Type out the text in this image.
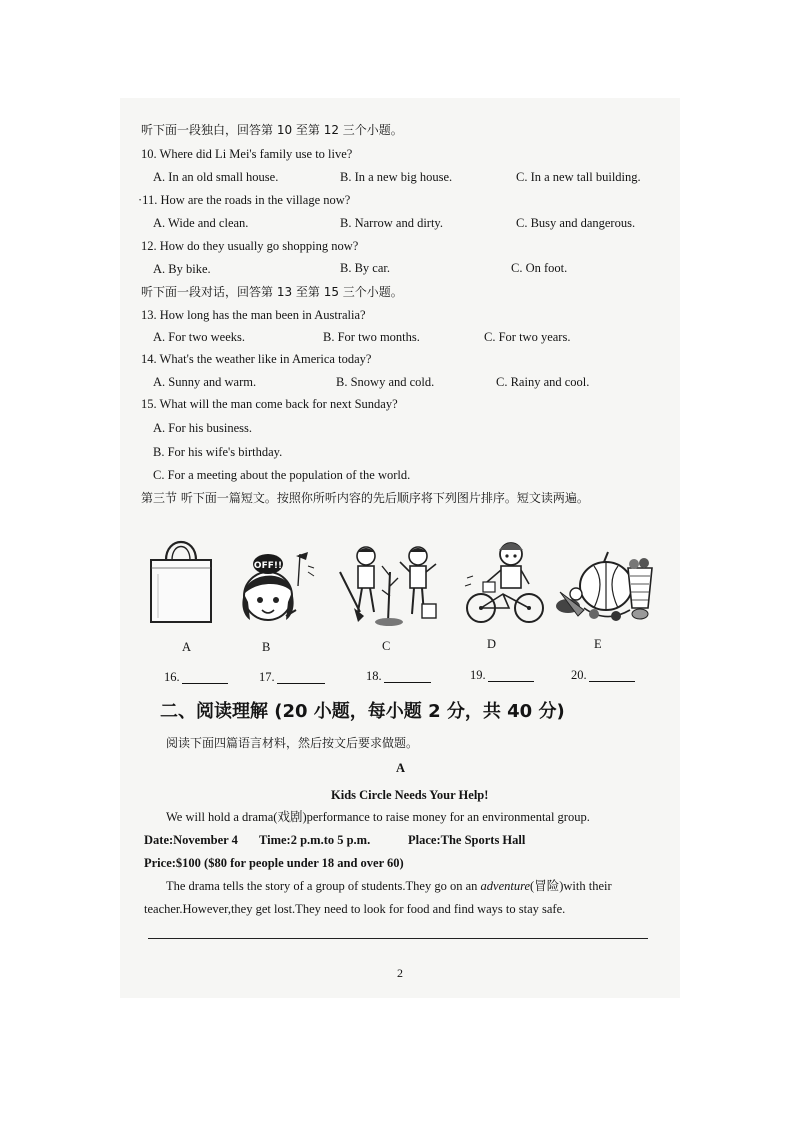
听下面一段独白，回答第 10 至第 12 三个小题。
10. Where did Li Mei's family use to live?
A. In an old small house.	B. In a new big house.	C. In a new tall building.
·11. How are the roads in the village now?
A. Wide and clean.	B. Narrow and dirty.	C. Busy and dangerous.
12. How do they usually go shopping now?
A. By bike.	B. By car.	C. On foot.
听下面一段对话，回答第 13 至第 15 三个小题。
13. How long has the man been in Australia?
A. For two weeks.	B. For two months.	C. For two years.
14. What's the weather like in America today?
A. Sunny and warm.	B. Snowy and cold.	C. Rainy and cool.
15. What will the man come back for next Sunday?
A. For his business.
B. For his wife's birthday.
C. For a meeting about the population of the world.
第三节 听下面一篇短文。按照你所听内容的先后顺序将下列图片排序。短文读两遍。
OFF!!
A	B	C	D	E
16.	17.	18.	19.	20.
二、阅读理解 (20 小题，每小题 2 分，共 40 分)
阅读下面四篇语言材料，然后按文后要求做题。
A
Kids Circle Needs Your Help!
We will hold a drama(戏剧)performance to raise money for an environmental group.
Date:November 4 Time:2 p.m.to 5 p.m.	Place:The Sports Hall
Price:$100 ($80 for people under 18 and over 60)
The drama tells the story of a group of students.They go on an adventure(冒险)with their
teacher.However,they get lost.They need to look for food and find ways to stay safe.
2
